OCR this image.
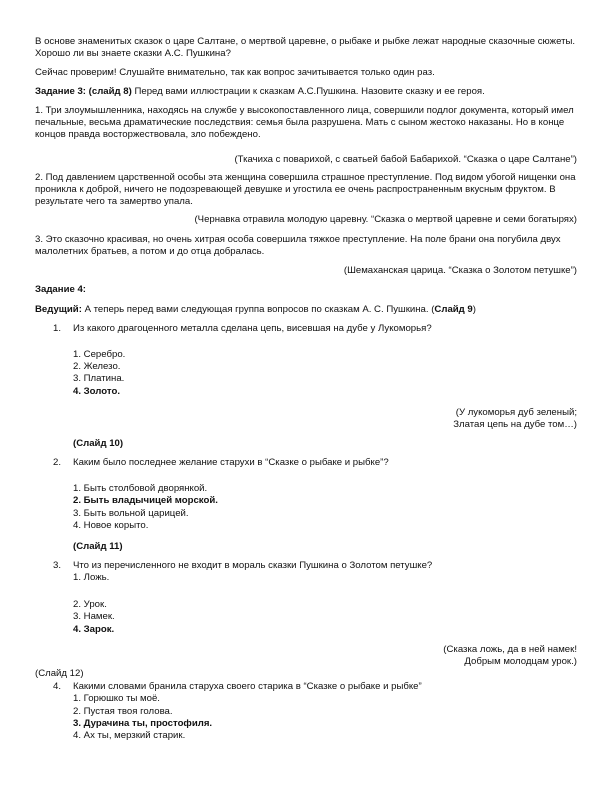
В основе знаменитых сказок о царе Салтане, о мертвой царевне, о рыбаке и рыбке лежат народные сказочные сюжеты. Хорошо ли вы знаете сказки А.С. Пушкина?

Сейчас проверим! Слушайте внимательно, так как вопрос зачитывается только один раз.

Задание 3: (слайд 8) Перед вами иллюстрации к сказкам А.С.Пушкина. Назовите сказку и ее героя.

1. Три злоумышленника, находясь на службе у высокопоставленного лица, совершили подлог документа, который имел печальные, весьма драматические последствия: семья была разрушена. Мать с сыном жестоко наказаны. Но в конце концов правда восторжествовала, зло побеждено.

(Ткачиха с поварихой, с сватьей бабой Бабарихой. “Сказка о царе Салтане”)

2. Под давлением царственной особы эта женщина совершила страшное преступление. Под видом убогой нищенки она проникла к доброй, ничего не подозревающей девушке и угостила ее очень распространенным вкусным фруктом. В результате чего та замертво упала.

(Чернавка отравила молодую царевну. “Сказка о мертвой царевне и семи богатырях)

3. Это сказочно красивая, но очень хитрая особа совершила тяжкое преступление. На поле брани она погубила двух малолетних братьев, а потом и до отца добралась.

(Шемаханская царица. “Сказка о Золотом петушке”)

Задание 4:

Ведущий: А теперь перед вами следующая группа вопросов по сказкам А. С. Пушкина. (Слайд 9)

1. Из какого драгоценного металла сделана цепь, висевшая на дубе у Лукоморья?
1. Серебро.
2. Железо.
3. Платина.
4. Золото.

(У лукоморья дуб зеленый;

Златая цепь на дубе том…)

(Слайд 10)
2. Каким было последнее желание старухи в “Сказке о рыбаке и рыбке”?
1. Быть столбовой дворянкой.
2. Быть владычицей морской.
3. Быть вольной царицей.
4. Новое корыто.
(Слайд 11)
3. Что из перечисленного не входит в мораль сказки Пушкина о Золотом петушке?
1. Ложь.
2. Урок.
3. Намек.
4. Зарок.

(Сказка ложь, да в ней намек!

Добрым молодцам урок.)

(Слайд 12)
4. Какими словами бранила старуха своего старика в “Сказке о рыбаке и рыбке”
1. Горюшко ты моё.
2. Пустая твоя голова.
3. Дурачина ты, простофиля.
4. Ах ты, мерзкий старик.
